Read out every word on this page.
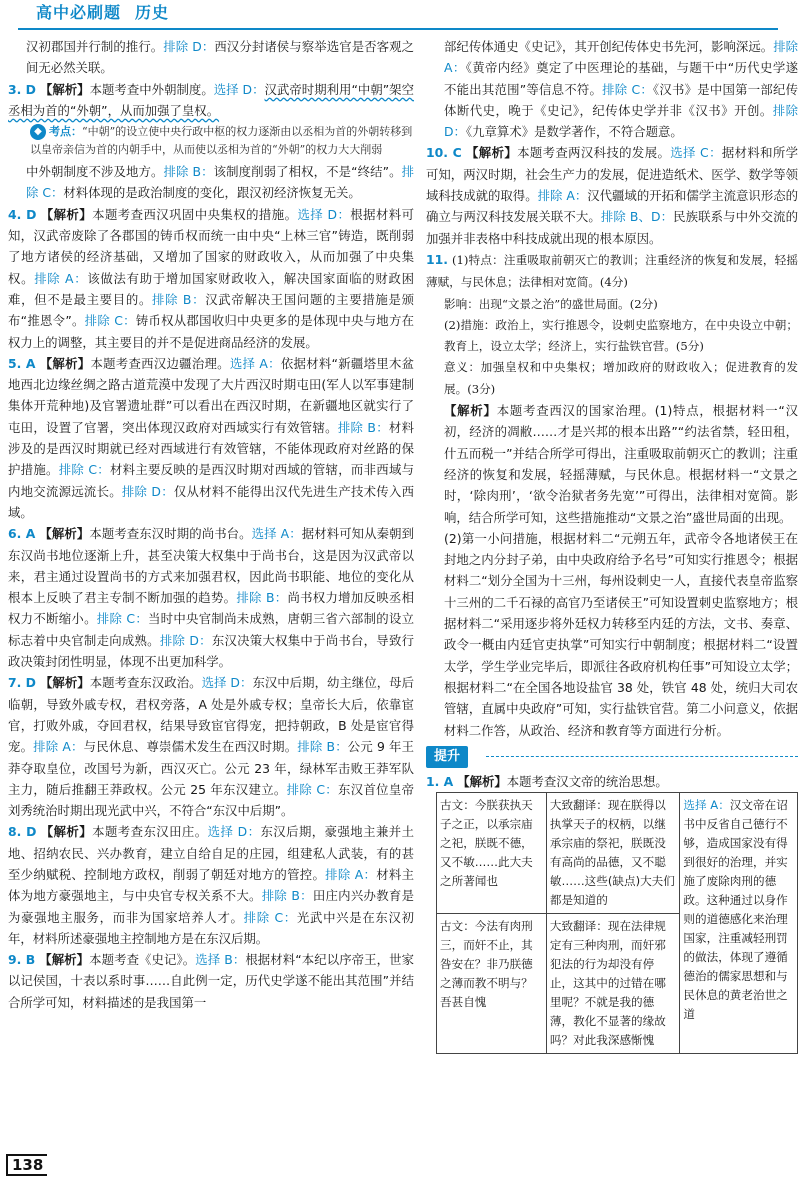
高中必刷题 历史

汉初郡国并行制的推行。排除 D：西汉分封诸侯与察举选官是否客观之间无必然关联。

3. D 【解析】本题考查中外朝制度。选择 D：汉武帝时期利用“中朝”架空丞相为首的“外朝”，从而加强了皇权。

◆ 考点：“中朝”的设立使中央行政中枢的权力逐渐由以丞相为首的外朝转移到以皇帝亲信为首的内朝手中，从而使以丞相为首的“外朝”的权力大大削弱

中外朝制度不涉及地方。排除 B：该制度削弱了相权，不是“终结”。排除 C：材料体现的是政治制度的变化，跟汉初经济恢复无关。

4. D 【解析】本题考查西汉巩固中央集权的措施。选择 D：根据材料可知，汉武帝废除了各郡国的铸币权而统一由中央“上林三官”铸造，既削弱了地方诸侯的经济基础，又增加了国家的财政收入，从而加强了中央集权。排除 A：该做法有助于增加国家财政收入，解决国家面临的财政困难，但不是最主要目的。排除 B：汉武帝解决王国问题的主要措施是颁布“推恩令”。排除 C：铸币权从郡国收归中央更多的是体现中央与地方在权力上的调整，其主要目的并不是促进商品经济的发展。

5. A 【解析】本题考查西汉边疆治理。选择 A：依据材料“新疆塔里木盆地西北边缘丝绸之路古道荒漠中发现了大片西汉时期屯田(军人以军事建制集体开荒种地)及官署遗址群”可以看出在西汉时期，在新疆地区就实行了屯田，设置了官署，突出体现汉政府对西域实行有效管辖。排除 B：材料涉及的是西汉时期就已经对西域进行有效管辖，不能体现政府对丝路的保护措施。排除 C：材料主要反映的是西汉时期对西域的管辖，而非西域与内地交流源远流长。排除 D：仅从材料不能得出汉代先进生产技术传入西域。

6. A 【解析】本题考查东汉时期的尚书台。选择 A：据材料可知从秦朝到东汉尚书地位逐渐上升，甚至决策大权集中于尚书台，这是因为汉武帝以来，君主通过设置尚书的方式来加强君权，因此尚书职能、地位的变化从根本上反映了君主专制不断加强的趋势。排除 B：尚书权力增加反映丞相权力不断缩小。排除 C：当时中央官制尚未成熟，唐朝三省六部制的设立标志着中央官制走向成熟。排除 D：东汉决策大权集中于尚书台，导致行政决策封闭性明显，体现不出更加科学。

7. D 【解析】本题考查东汉政治。选择 D：东汉中后期，幼主继位，母后临朝，导致外戚专权，君权旁落，A 处是外戚专权；皇帝长大后，依靠宦官，打败外戚，夺回君权，结果导致宦官得宠，把持朝政，B 处是宦官得宠。排除 A：与民休息、尊崇儒术发生在西汉时期。排除 B：公元 9 年王莽夺取皇位，改国号为新，西汉灭亡。公元 23 年，绿林军击败王莽军队主力，随后推翻王莽政权。公元 25 年东汉建立。排除 C：东汉首位皇帝刘秀统治时期出现光武中兴，不符合“东汉中后期”。

8. D 【解析】本题考查东汉田庄。选择 D：东汉后期，豪强地主兼并土地、招纳农民、兴办教育，建立自给自足的庄园，组建私人武装，有的甚至少纳赋税、控制地方政权，削弱了朝廷对地方的管控。排除 A：材料主体为地方豪强地主，与中央官专权关系不大。排除 B：田庄内兴办教育是为豪强地主服务，而非为国家培养人才。排除 C：光武中兴是在东汉初年，材料所述豪强地主控制地方是在东汉后期。

9. B 【解析】本题考查《史记》。选择 B：根据材料“本纪以序帝王，世家以记侯国，十表以系时事……自此例一定，历代史学遂不能出其范围”并结合所学可知，材料描述的是我国第一

部纪传体通史《史记》，其开创纪传体史书先河，影响深远。排除 A：《黄帝内经》奠定了中医理论的基础，与题干中“历代史学遂不能出其范围”等信息不符。排除 C：《汉书》是中国第一部纪传体断代史，晚于《史记》，纪传体史学并非《汉书》开创。排除 D：《九章算术》是数学著作，不符合题意。

10. C 【解析】本题考查两汉科技的发展。选择 C：据材料和所学可知，两汉时期，社会生产力的发展，促进造纸术、医学、数学等领域科技成就的取得。排除 A：汉代疆域的开拓和儒学主流意识形态的确立与两汉科技发展关联不大。排除 B、D：民族联系与中外交流的加强并非表格中科技成就出现的根本原因。

11. (1)特点：注重吸取前朝灭亡的教训；注重经济的恢复和发展，轻摇薄赋，与民休息；法律相对宽简。(4分)

影响：出现“文景之治”的盛世局面。(2分)

(2)措施：政治上，实行推恩令，设刺史监察地方，在中央设立中朝；教育上，设立太学；经济上，实行盐铁官营。(5分)

意义：加强皇权和中央集权；增加政府的财政收入；促进教育的发展。(3分)

【解析】本题考查西汉的国家治理。(1)特点，根据材料一“汉初，经济的凋敝……才是兴邦的根本出路”“约法省禁，轻田租，什五而税一”并结合所学可得出，注重吸取前朝灭亡的教训；注重经济的恢复和发展，轻摇薄赋，与民休息。根据材料一“文景之时，‘除肉刑’，‘欲令治狱者务先宽’”可得出，法律相对宽简。影响，结合所学可知，这些措施推动“文景之治”盛世局面的出现。

(2)第一小问措施，根据材料二“元朔五年，武帝令各地诸侯王在封地之内分封子弟，由中央政府给予名号”可知实行推恩令；根据材料二“划分全国为十三州，每州设刺史一人，直接代表皇帝监察十三州的二千石禄的高官乃至诸侯王”可知设置刺史监察地方；根据材料二“采用逐步将外廷权力转移至内廷的方法，文书、奏章、政令一概由内廷官吏执掌”可知实行中朝制度；根据材料二“设置太学，学生学业完毕后，即派往各政府机构任事”可知设立太学；根据材料二“在全国各地设盐官 38 处，铁官 48 处，统归大司农管辖，直属中央政府”可知，实行盐铁官营。第二小问意义，依据材料二作答，从政治、经济和教育等方面进行分析。

提升

1. A 【解析】本题考查汉文帝的统治思想。

古文：今朕获执天子之正，以承宗庙之祀，朕既不德，又不敏……此大夫之所著闻也	大致翻译：现在朕得以执掌天子的权柄，以继承宗庙的祭祀，朕既没有高尚的品德，又不聪敏……这些(缺点)大夫们都是知道的	选择 A：汉文帝在诏书中反省自己德行不够，造成国家没有得到很好的治理，并实施了废除肉刑的德政。这种通过以身作则的道德感化来治理国家，注重减轻刑罚的做法，体现了遵循德治的儒家思想和与民休息的黄老治世之道
古文：今法有肉刑三，而奸不止，其咎安在？非乃朕德之薄而教不明与？吾甚自愧	大致翻译：现在法律规定有三种肉刑，而奸邪犯法的行为却没有停止，这其中的过错在哪里呢？不就是我的德薄，教化不显著的缘故吗？对此我深感惭愧	
138
